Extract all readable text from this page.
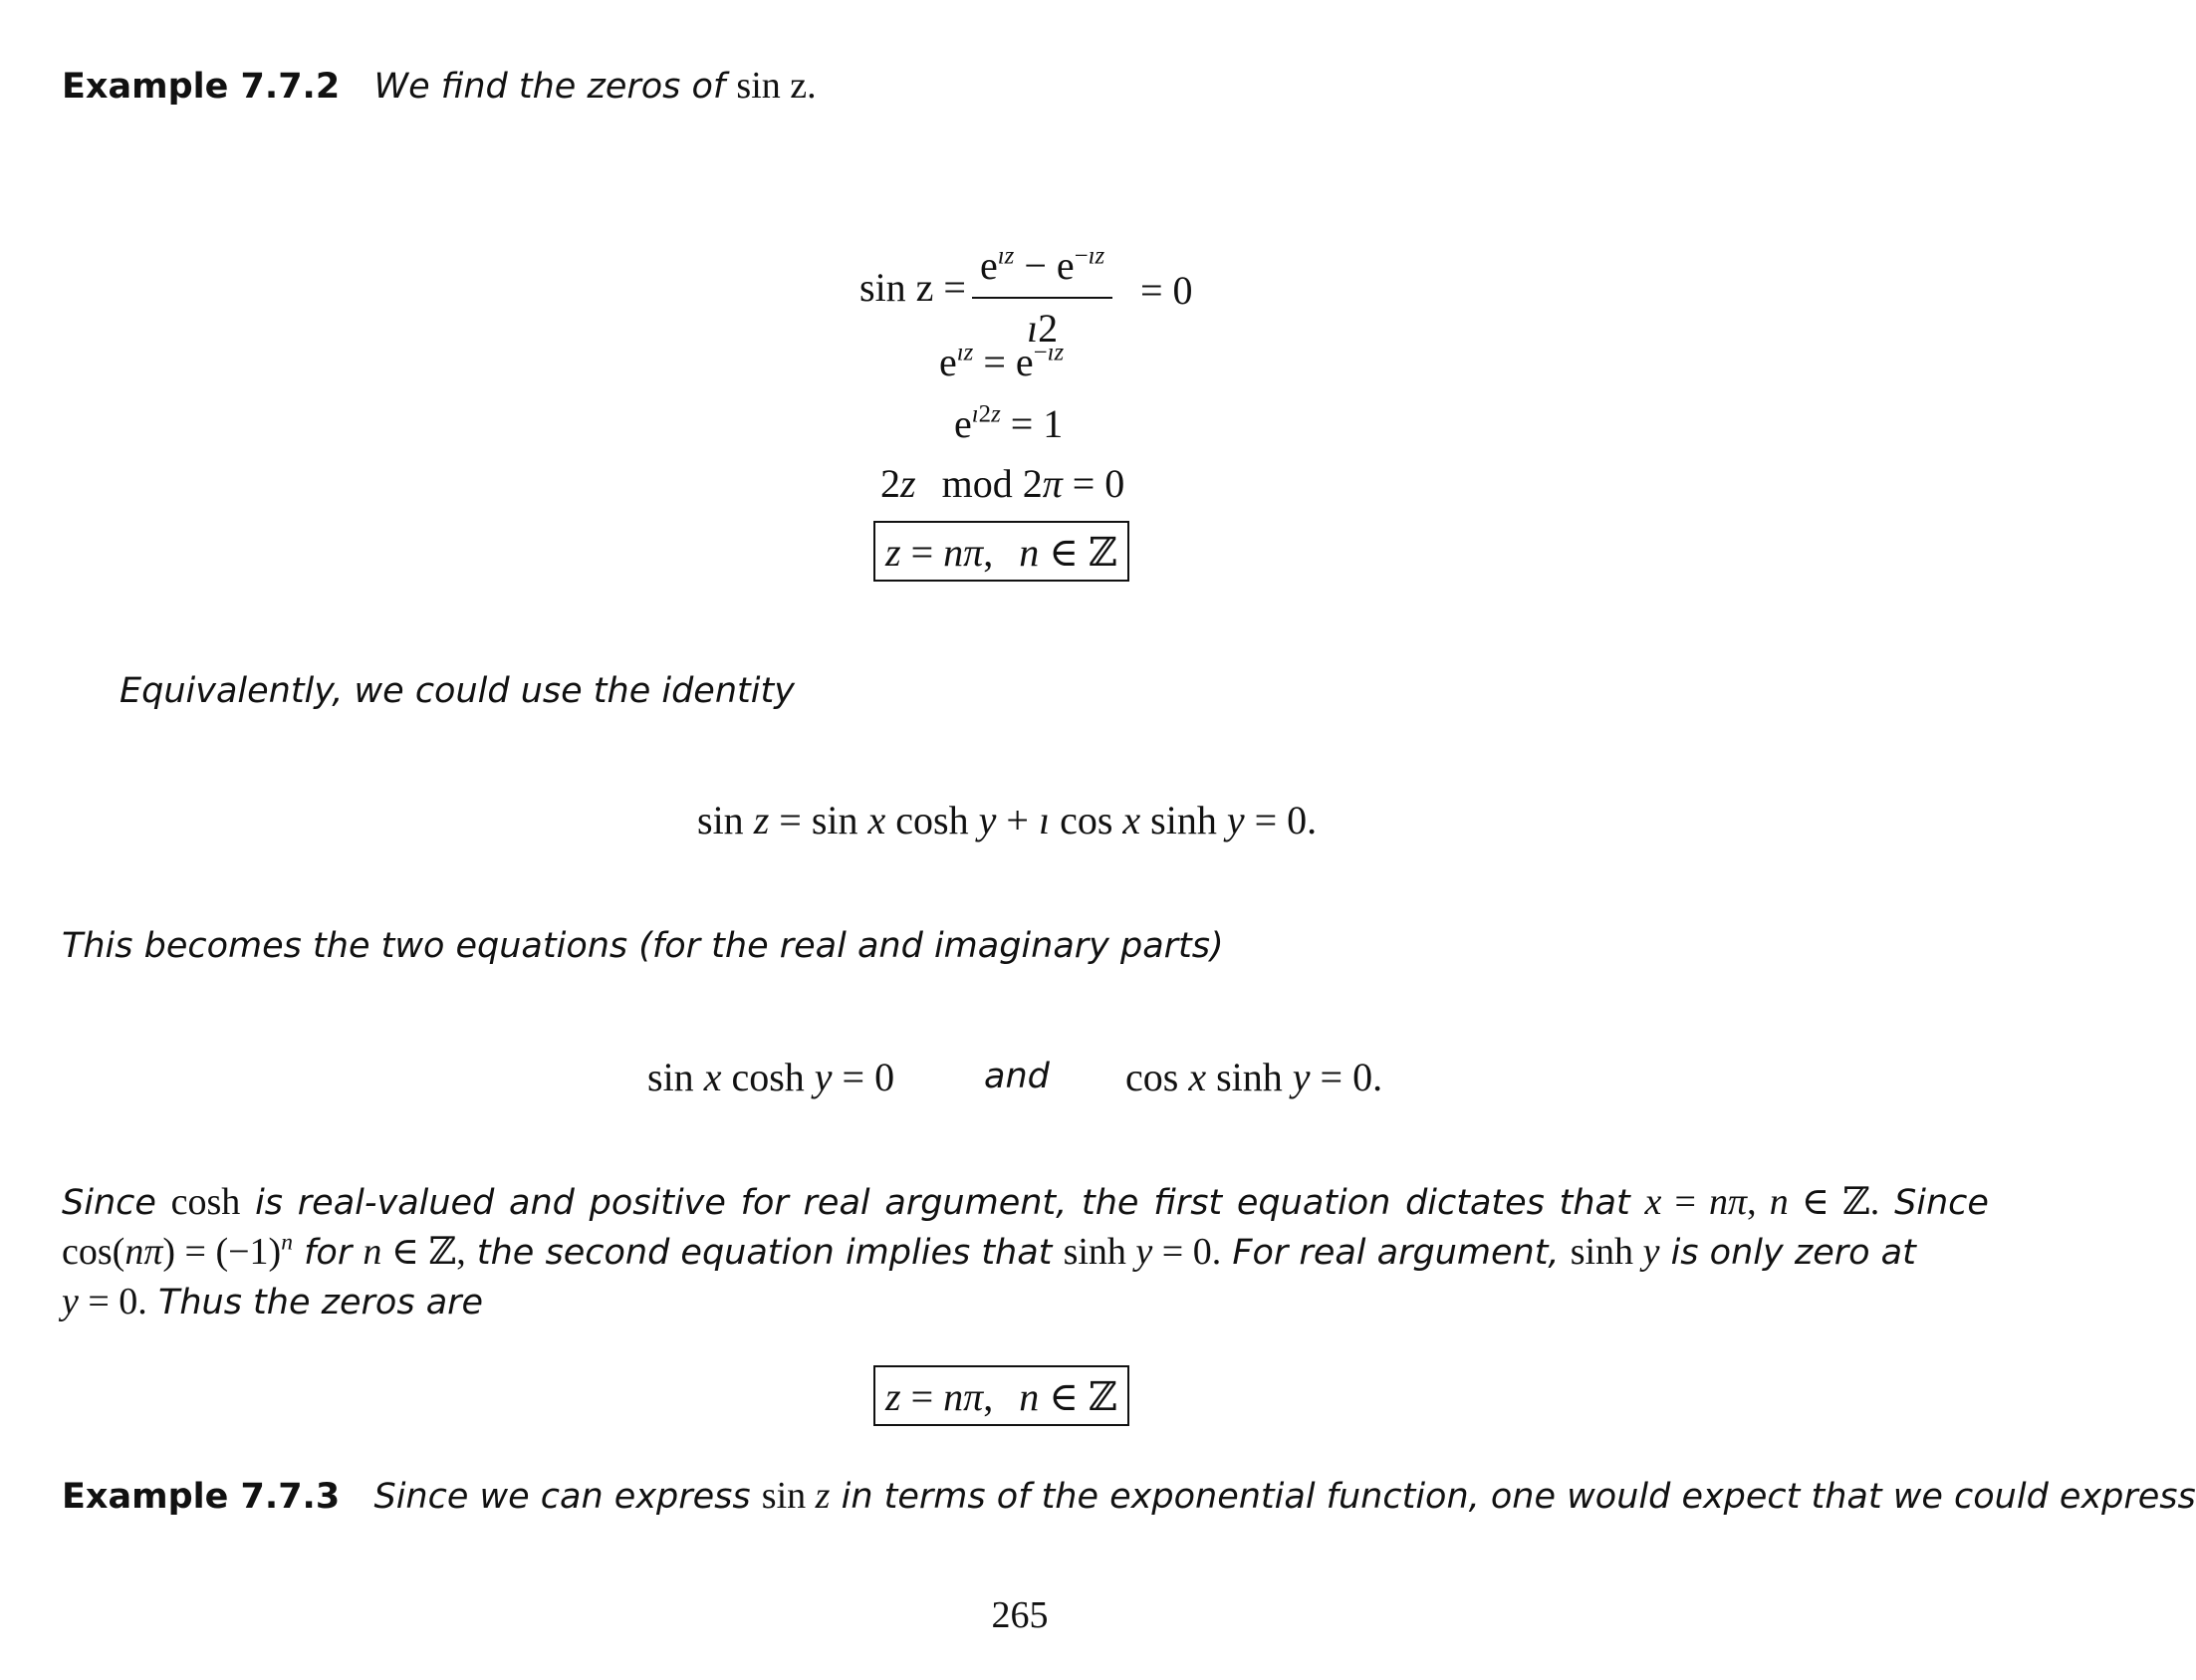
Example 7.7.2 We find the zeros of sin z.
$\sin z = \frac{e^{ız} - e^{-ız}}{ı2} = 0$
$e^{ız} = e^{-ız}$
$e^{ı2z} = 1$
2z mod 2π = 0
z = nπ, n ∈ ℤ
Equivalently, we could use the identity
sin z = sin x cosh y + ı cos x sinh y = 0.
This becomes the two equations (for the real and imaginary parts)
sin x cosh y = 0	and cos x sinh y = 0.
Since cosh is real-valued and positive for real argument, the first equation dictates that x = nπ, n ∈ ℤ. Since $\cos(n\pi) = (-1)^n$ for n ∈ ℤ, the second equation implies that sinh y = 0. For real argument, sinh y is only zero at
y = 0. Thus the zeros are
z = nπ, n ∈ ℤ
Example 7.7.3 Since we can express sin z in terms of the exponential function, one would expect that we could express
265
